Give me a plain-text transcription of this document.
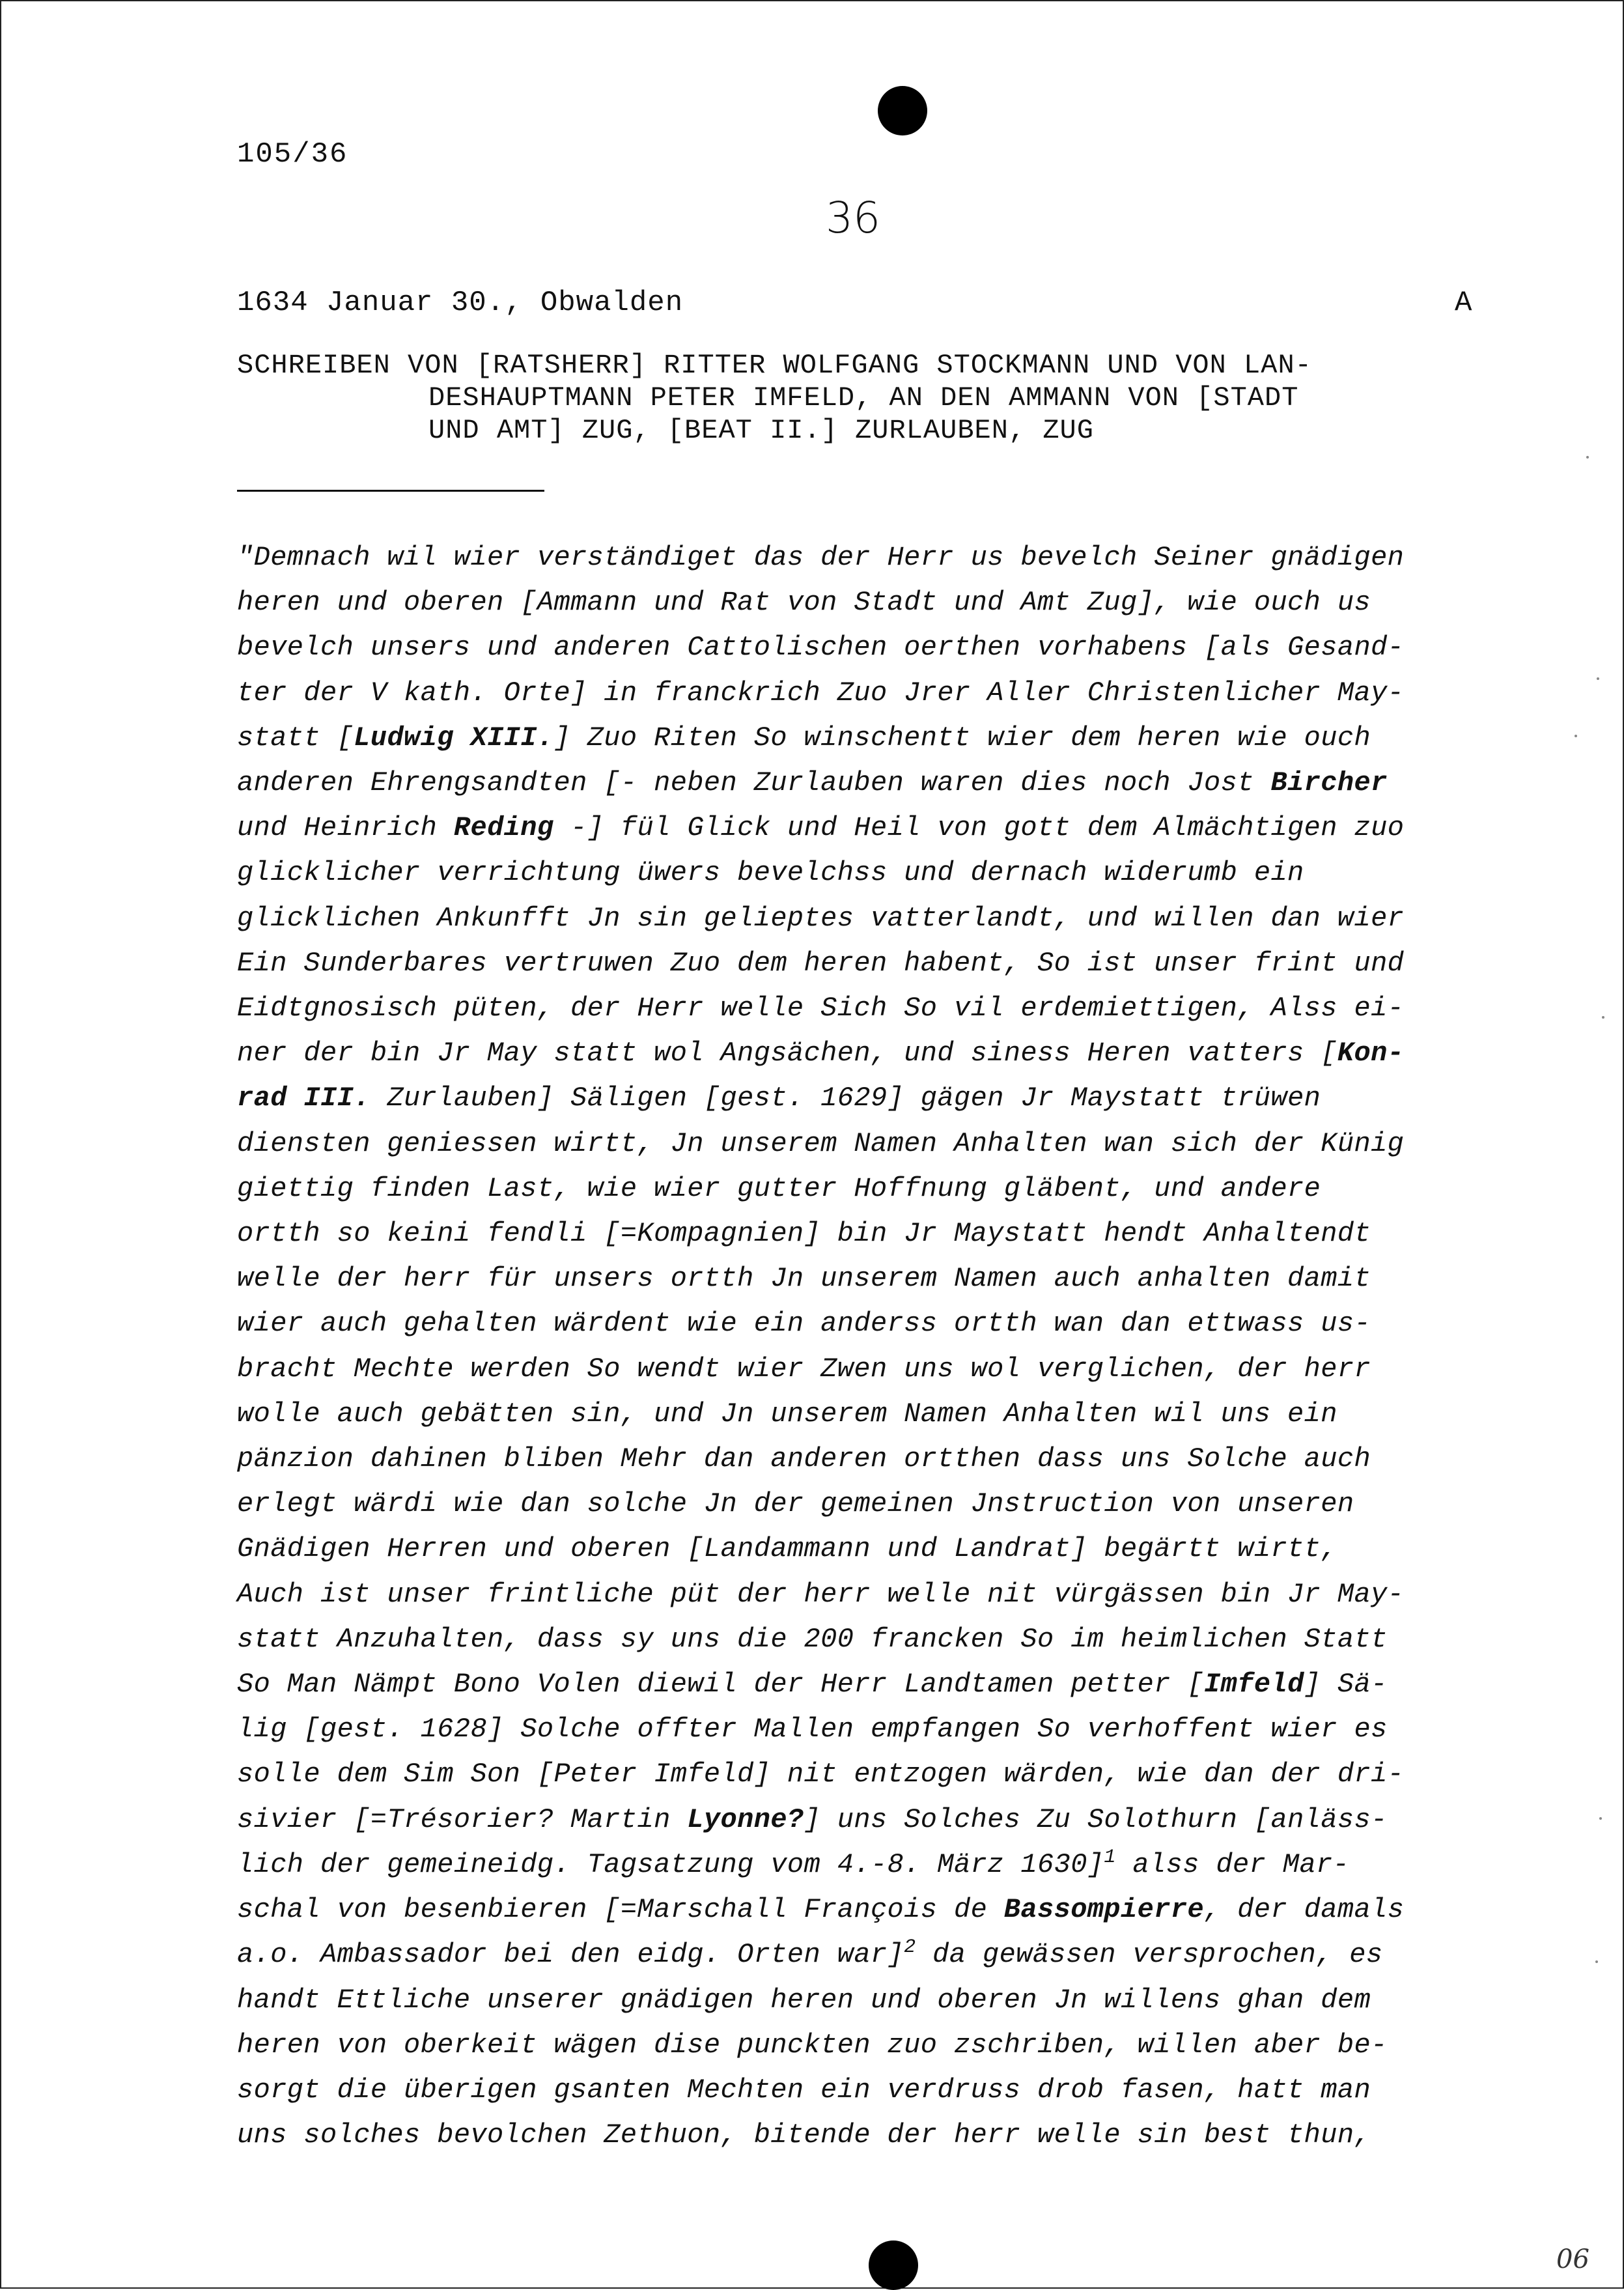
105/36
36
1634 Januar 30., Obwalden	A
SCHREIBEN VON [RATSHERR] RITTER WOLFGANG STOCKMANN UND VON LAN-
DESHAUPTMANN PETER IMFELD, AN DEN AMMANN VON [STADT
UND AMT] ZUG, [BEAT II.] ZURLAUBEN, ZUG
"Demnach wil wier verständiget das der Herr us bevelch Seiner gnädigen
heren und oberen [Ammann und Rat von Stadt und Amt Zug], wie ouch us
bevelch unsers und anderen Cattolischen oerthen vorhabens [als Gesand-
ter der V kath. Orte] in franckrich Zuo Jrer Aller Christenlicher May-
statt [Ludwig XIII.] Zuo Riten So winschentt wier dem heren wie ouch
anderen Ehrengsandten [- neben Zurlauben waren dies noch Jost Bircher
und Heinrich Reding -] fül Glick und Heil von gott dem Almächtigen zuo
glicklicher verrichtung üwers bevelchss und dernach widerumb ein
glicklichen Ankunfft Jn sin gelieptes vatterlandt, und willen dan wier
Ein Sunderbares vertruwen Zuo dem heren habent, So ist unser frint und
Eidtgnosisch püten, der Herr welle Sich So vil erdemiettigen, Alss ei-
ner der bin Jr May statt wol Angsächen, und siness Heren vatters [Kon-
rad III. Zurlauben] Säligen [gest. 1629] gägen Jr Maystatt trüwen
diensten geniessen wirtt, Jn unserem Namen Anhalten wan sich der Künig
giettig finden Last, wie wier gutter Hoffnung gläbent, und andere
ortth so keini fendli [=Kompagnien] bin Jr Maystatt hendt Anhaltendt
welle der herr für unsers ortth Jn unserem Namen auch anhalten damit
wier auch gehalten wärdent wie ein anderss ortth wan dan ettwass us-
bracht Mechte werden So wendt wier Zwen uns wol verglichen, der herr
wolle auch gebätten sin, und Jn unserem Namen Anhalten wil uns ein
pänzion dahinen bliben Mehr dan anderen ortthen dass uns Solche auch
erlegt wärdi wie dan solche Jn der gemeinen Jnstruction von unseren
Gnädigen Herren und oberen [Landammann und Landrat] begärtt wirtt,
Auch ist unser frintliche püt der herr welle nit vürgässen bin Jr May-
statt Anzuhalten, dass sy uns die 200 francken So im heimlichen Statt
So Man Nämpt Bono Volen diewil der Herr Landtamen petter [Imfeld] Sä-
lig [gest. 1628] Solche offter Mallen empfangen So verhoffent wier es
solle dem Sim Son [Peter Imfeld] nit entzogen wärden, wie dan der dri-
sivier [=Trésorier? Martin Lyonne?] uns Solches Zu Solothurn [anläss-
lich der gemeineidg. Tagsatzung vom 4.-8. März 1630]$^1$ alss der Mar-
schal von besenbieren [=Marschall François de Bassompierre, der damals
a.o. Ambassador bei den eidg. Orten war]$^2$ da gewässen versprochen, es
handt Ettliche unserer gnädigen heren und oberen Jn willens ghan dem
heren von oberkeit wägen dise punckten zuo zschriben, willen aber be-
sorgt die überigen gsanten Mechten ein verdruss drob fasen, hatt man
uns solches bevolchen Zethuon, bitende der herr welle sin best thun,
06
